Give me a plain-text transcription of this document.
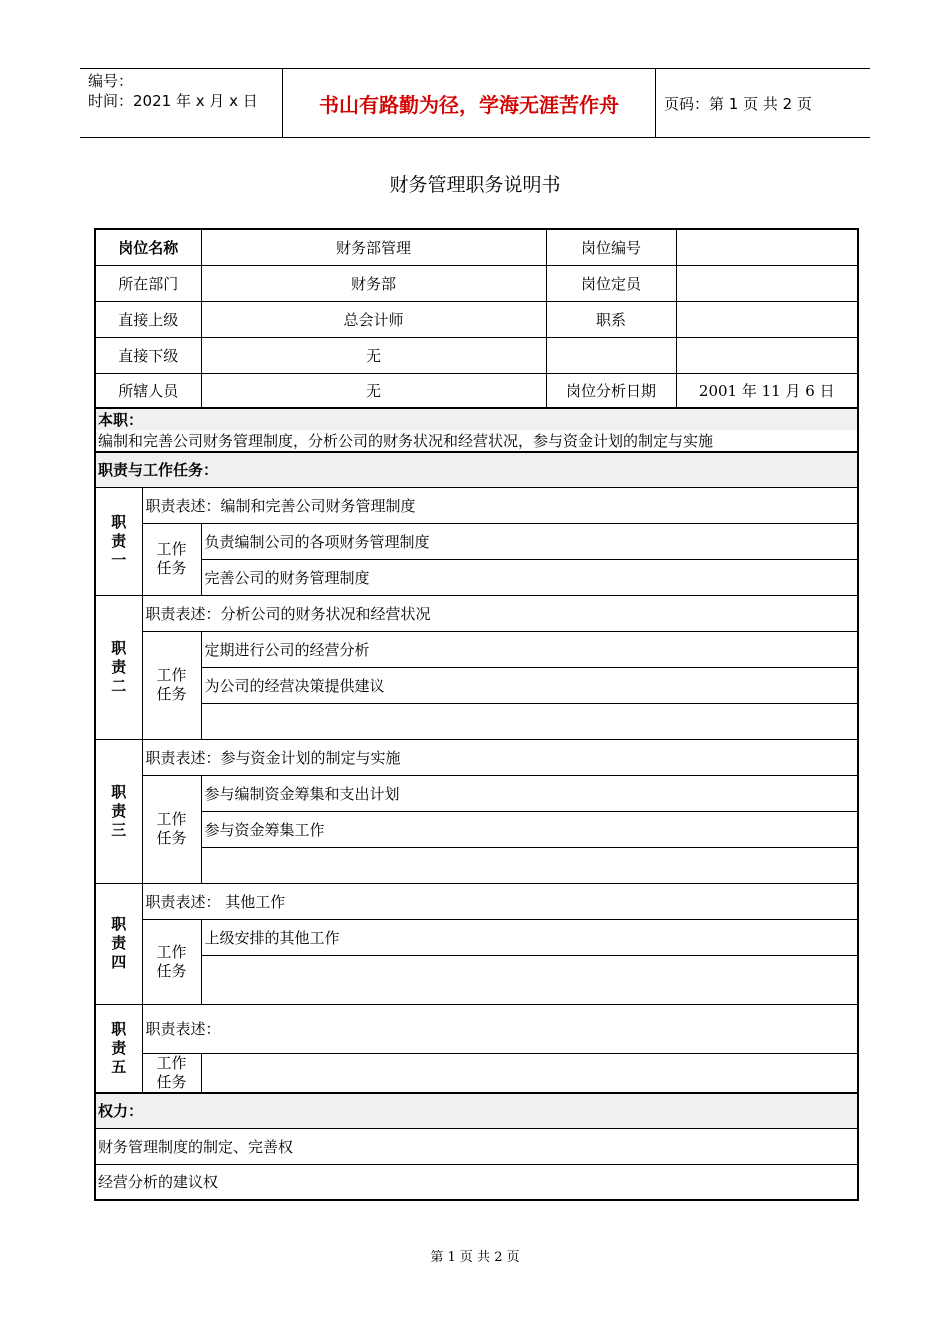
编号：
时间：2021 年 x 月 x 日	书山有路勤为径，学海无涯苦作舟	页码：第 1 页 共 2 页
财务管理职务说明书
岗位名称	财务部管理	岗位编号	
所在部门	财务部	岗位定员	
直接上级	总会计师	职系	
直接下级	无		
所辖人员	无	岗位分析日期	2001 年 11 月 6 日
本职：		
编制和完善公司财务管理制度，分析公司的财务状况和经营状况，参与资金计划的制定与实施		
职责与工作任务：		

职责一	职责表述：编制和完善公司财务管理制度	

	工作任务	负责编制公司的各项财务管理制度
		完善公司的财务管理制度

职责二	职责表述：分析公司的财务状况和经营状况	

	工作任务	定期进行公司的经营分析
		为公司的经营决策提供建议

职责三	职责表述：参与资金计划的制定与实施	

	工作任务	参与编制资金筹集和支出计划
		参与资金筹集工作

职责四	职责表述： 其他工作	

	工作任务	上级安排的其他工作

职责五	职责表述：	

	工作任务	

权力：		
财务管理制度的制定、完善权		
经营分析的建议权		
第 1 页 共 2 页
